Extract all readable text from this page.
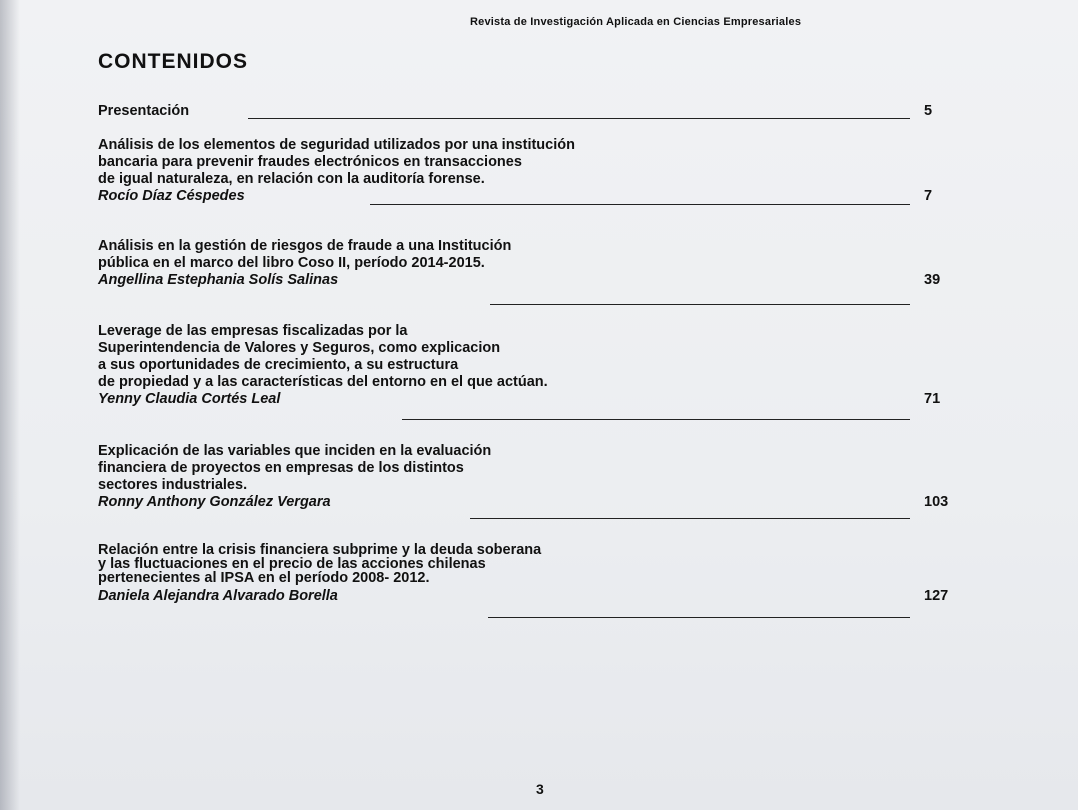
Revista de Investigación Aplicada en Ciencias Empresariales
CONTENIDOS
Presentación	5
Análisis de los elementos de seguridad utilizados por una institución
bancaria para prevenir fraudes electrónicos en transacciones
de igual naturaleza, en relación con la auditoría forense.
Rocío Díaz Céspedes	7
Análisis en la gestión de riesgos de fraude a una Institución
pública en el marco del libro Coso II, período 2014-2015.
Angellina Estephania Solís Salinas	39
Leverage de las empresas fiscalizadas por la
Superintendencia de Valores y Seguros, como explicacion
a sus oportunidades de crecimiento, a su estructura
de propiedad y a las características del entorno en el que actúan.
Yenny Claudia Cortés Leal	71
Explicación de las variables que inciden en la evaluación
financiera de proyectos en empresas de los distintos
sectores industriales.
Ronny Anthony González Vergara	103
Relación entre la crisis financiera subprime y la deuda soberana
y las fluctuaciones en el precio de las acciones chilenas
pertenecientes al IPSA en el período 2008- 2012.
Daniela Alejandra Alvarado Borella	127
3
